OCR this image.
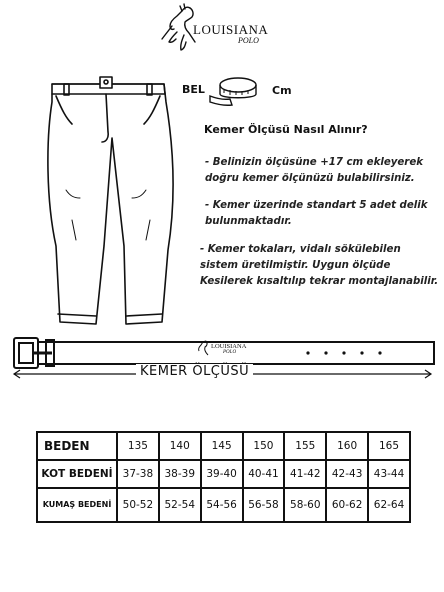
LOUISIANA
POLO
BEL	Cm
Kemer Ölçüsü Nasıl Alınır?
- Belinizin ölçüsüne +17 cm ekleyerek
doğru kemer ölçünüzü bulabilirsiniz.
- Kemer üzerinde standart 5 adet delik
bulunmaktadır.
- Kemer tokaları, vidalı sökülebilen
sistem üretilmiştir. Uygun ölçüde
Kesilerek kısaltılıp tekrar montajlanabilir.
LOUISIANA
POLO
KEMER ÖLÇÜSÜ
BEDEN	135	140	145	150	155	160	165
KOT BEDENİ	37-38	38-39	39-40	40-41	41-42	42-43	43-44
KUMAŞ BEDENİ	50-52	52-54	54-56	56-58	58-60	60-62	62-64
